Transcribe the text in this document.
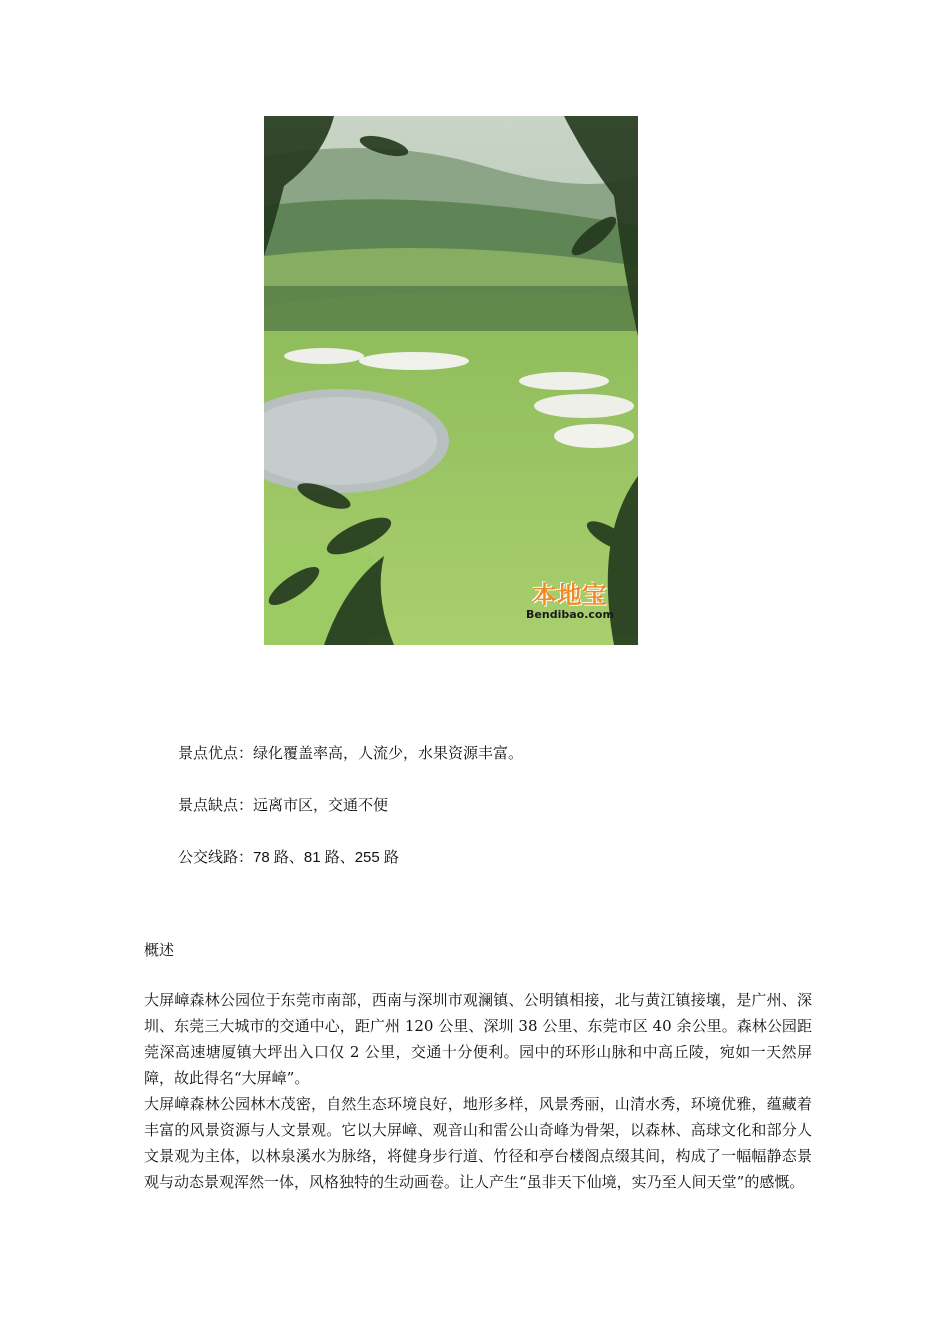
本地宝
Bendibao.com
景点优点：绿化覆盖率高，人流少，水果资源丰富。
景点缺点：远离市区，交通不便
公交线路：78 路、81 路、255 路
概述
大屏嶂森林公园位于东莞市南部，西南与深圳市观澜镇、公明镇相接，北与黄江镇接壤，是广州、深圳、东莞三大城市的交通中心，距广州 120 公里、深圳 38 公里、东莞市区 40 余公里。森林公园距莞深高速塘厦镇大坪出入口仅 2 公里，交通十分便利。园中的环形山脉和中高丘陵，宛如一天然屏障，故此得名“大屏嶂”。
大屏嶂森林公园林木茂密，自然生态环境良好，地形多样，风景秀丽，山清水秀，环境优雅，蕴藏着丰富的风景资源与人文景观。它以大屏嶂、观音山和雷公山奇峰为骨架，以森林、高球文化和部分人文景观为主体，以林泉溪水为脉络，将健身步行道、竹径和亭台楼阁点缀其间，构成了一幅幅静态景观与动态景观浑然一体，风格独特的生动画卷。让人产生“虽非天下仙境，实乃至人间天堂”的感慨。
